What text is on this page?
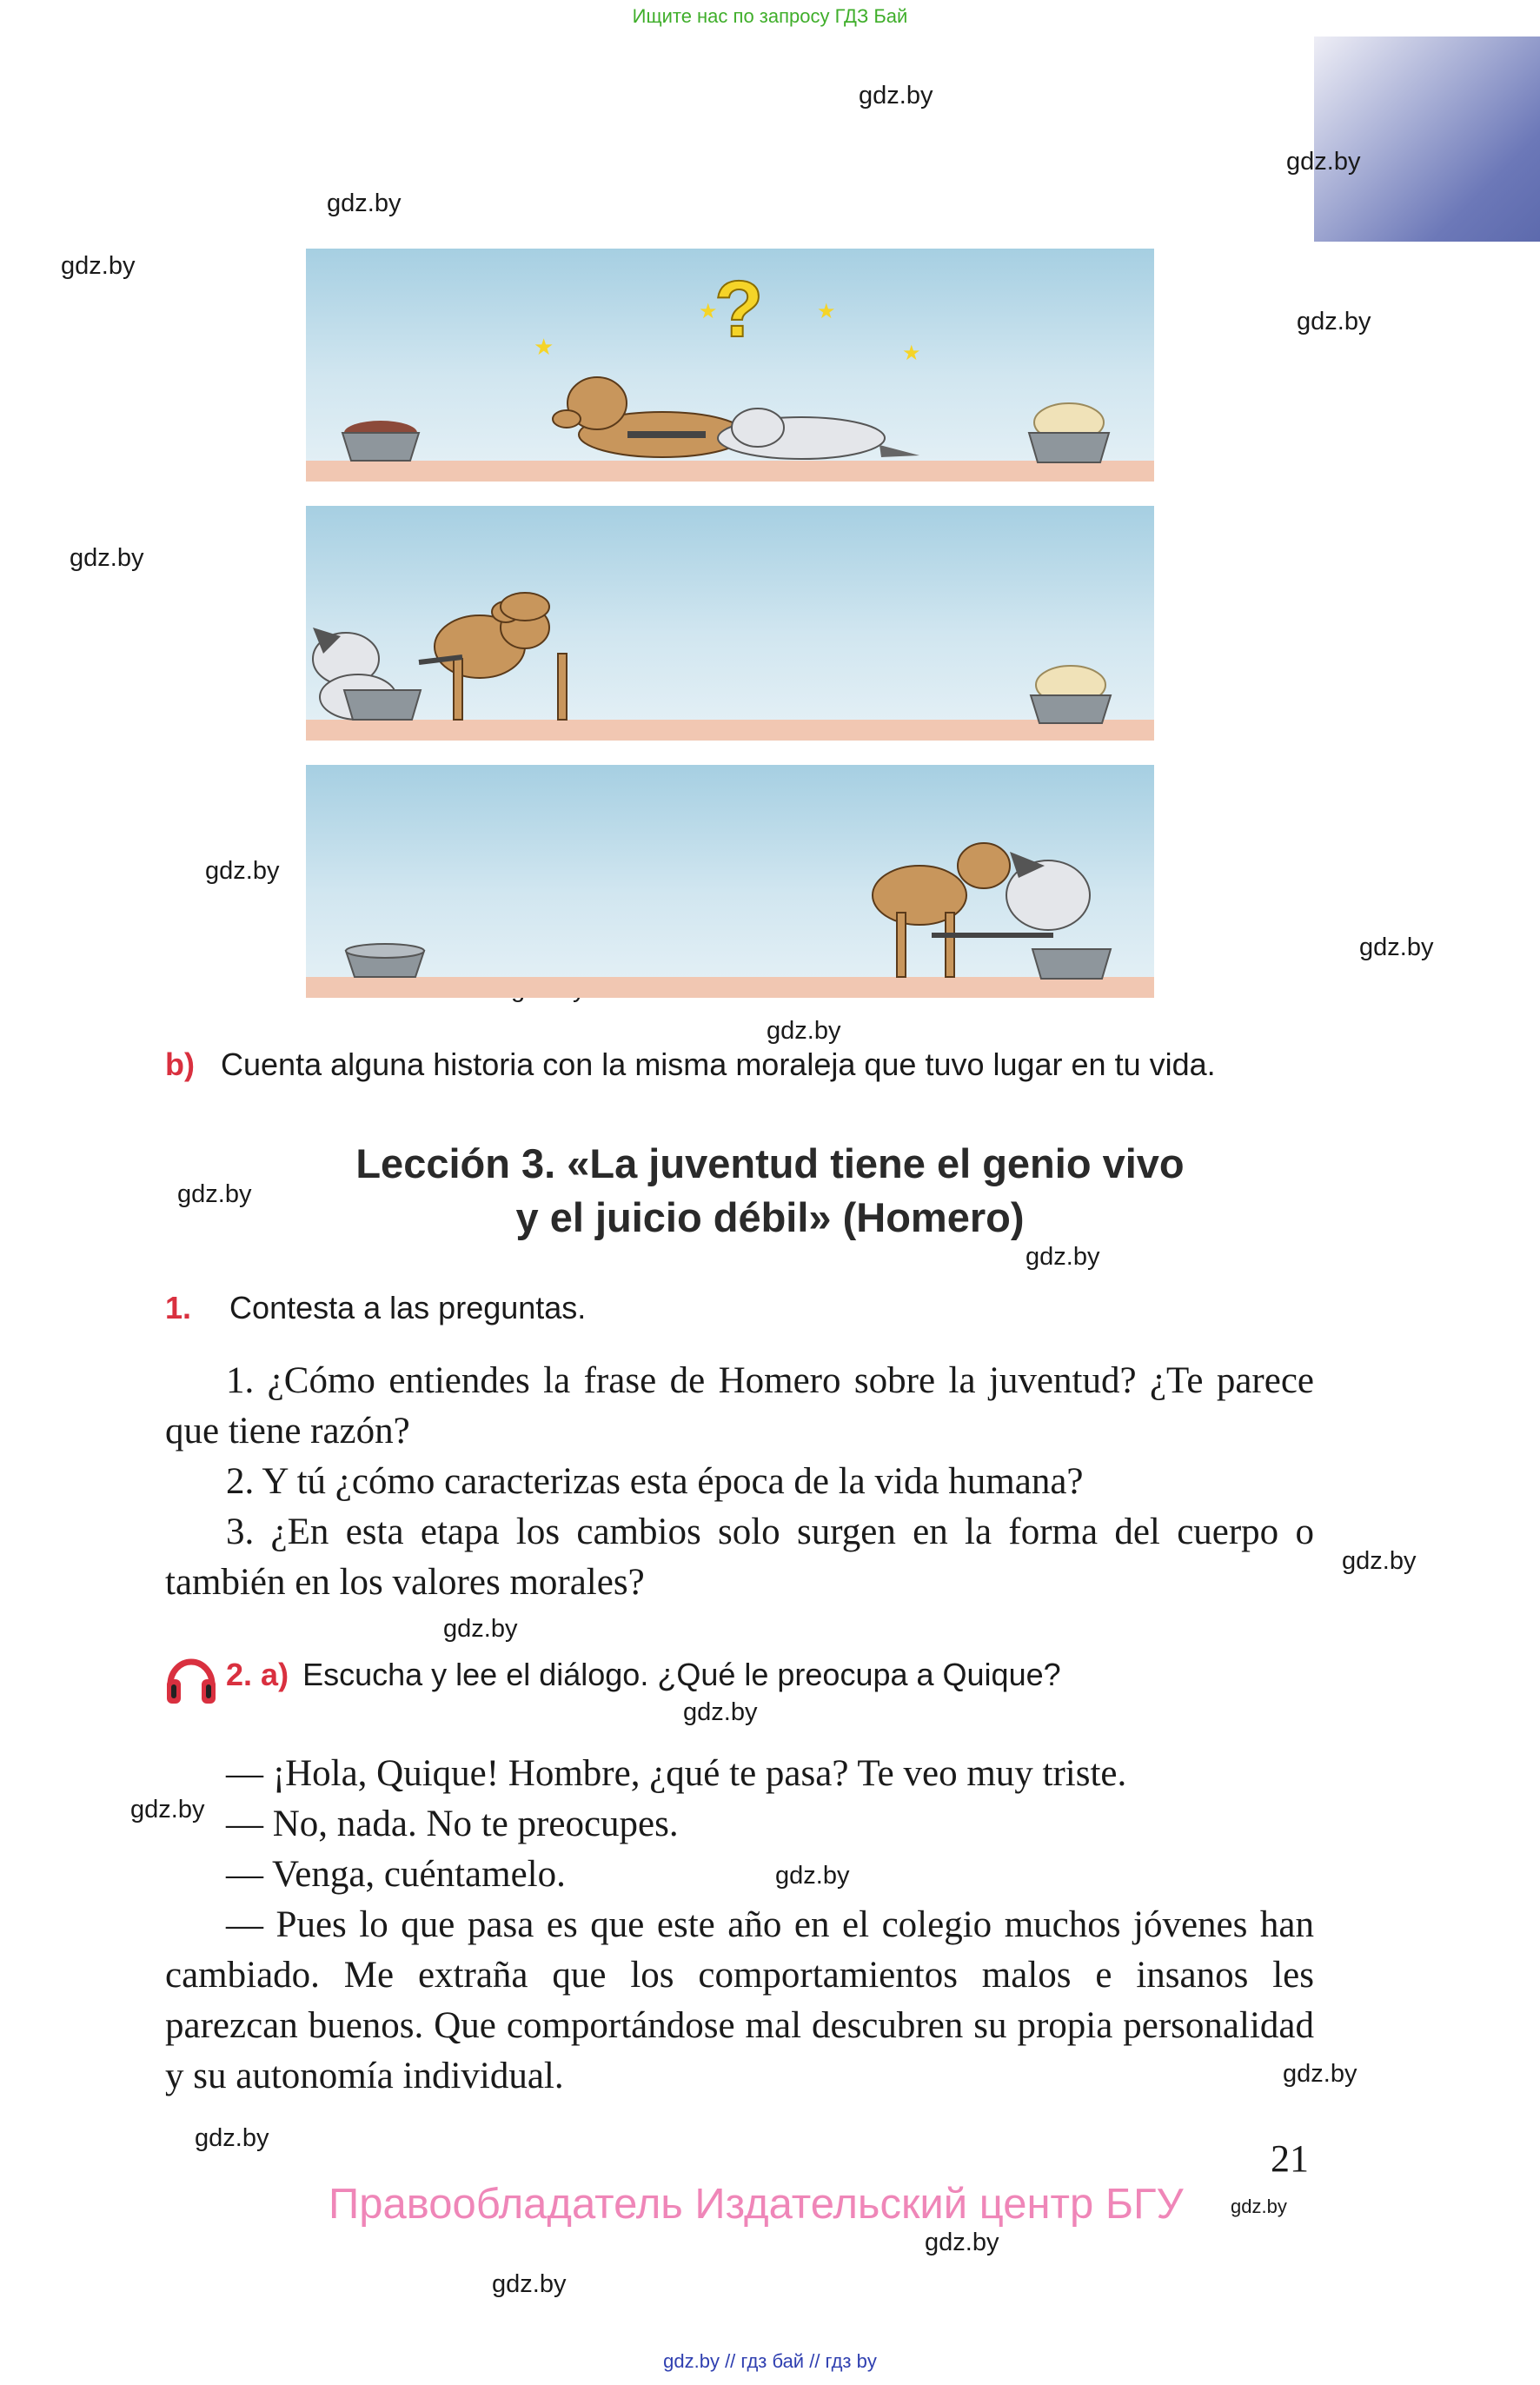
Ищите нас по запросу ГДЗ Бай
gdz.by
gdz.by
gdz.by
gdz.by
gdz.by
gdz.by
gdz.by
gdz.by
gdz.by
gdz.by
gdz.by
gdz.by
gdz.by
gdz.by
gdz.by
gdz.by
gdz.by
gdz.by
gdz.by
gdz.by
gdz.by
★
★	★
★
?
b) Cuenta alguna historia con la misma moraleja que tuvo lugar en tu vida.
Lección 3. «La juventud tiene el genio vivo
y el juicio débil» (Homero)
1. Contesta a las preguntas.
1. ¿Cómo entiendes la frase de Homero sobre la juventud? ¿Te parece que tiene razón?
2. Y tú ¿cómo caracterizas esta época de la vida humana?
3. ¿En esta etapa los cambios solo surgen en la forma del cuerpo o también en los valores morales?
2. a) Escucha y lee el diálogo. ¿Qué le preocupa a Quique?
— ¡Hola, Quique! Hombre, ¿qué te pasa? Te veo muy triste.
— No, nada. No te preocupes.
— Venga, cuéntamelo.
— Pues lo que pasa es que este año en el colegio muchos jóvenes han cambiado. Me extraña que los comportamientos malos e insanos les parezcan buenos. Que comportándose mal descubren su propia personalidad y su autonomía individual.
21
Правообладатель Издательский центр БГУ
gdz.by // гдз бай // гдз by
